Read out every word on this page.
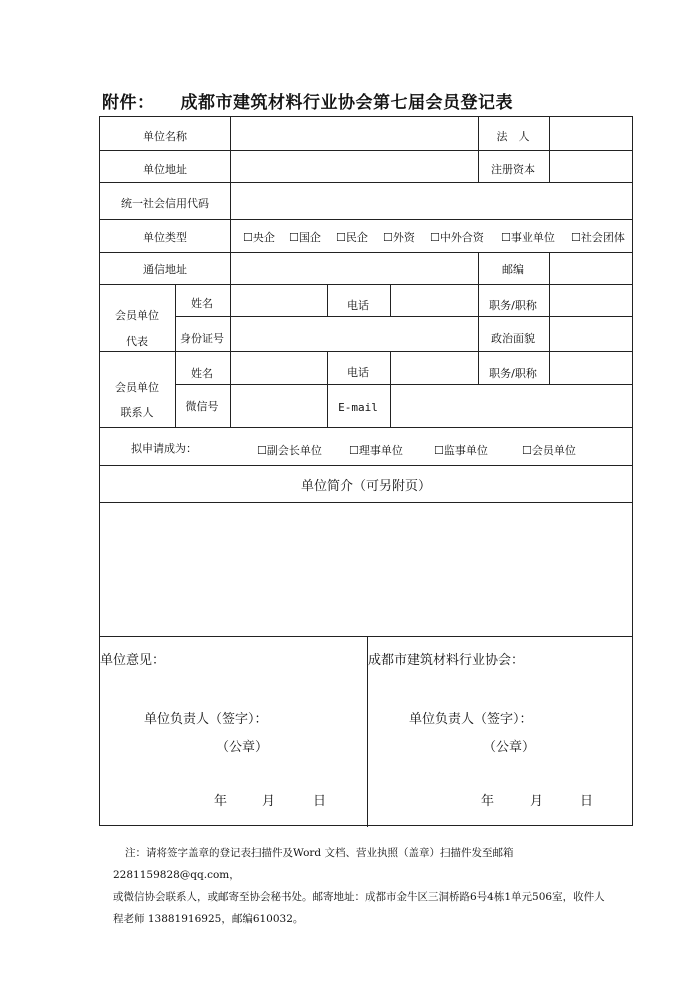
附件： 成都市建筑材料行业协会第七届会员登记表
单位名称	法　人
单位地址	注册资本
统一社会信用代码
单位类型	☐央企 ☐国企 ☐民企 ☐外资 ☐中外合资 ☐事业单位 ☐社会团体
通信地址	邮编
会员单位
代表
姓名	电话	职务/职称
身份证号	政治面貌
会员单位
联系人
姓名	电话	职务/职称
微信号	E-mail
拟申请成为：	☐副会长单位 ☐理事单位	☐监事单位	☐会员单位
单位简介（可另附页）
单位意见：	成都市建筑材料行业协会：
单位负责人（签字）：	单位负责人（签字）：
（公章）	（公章）
年	月	日	年	月	日
注：请将签字盖章的登记表扫描件及Word 文档、营业执照（盖章）扫描件发至邮箱2281159828@qq.com，
或微信协会联系人，或邮寄至协会秘书处。邮寄地址：成都市金牛区三洞桥路6号4栋1单元506室，收件人
程老师 13881916925，邮编610032。
